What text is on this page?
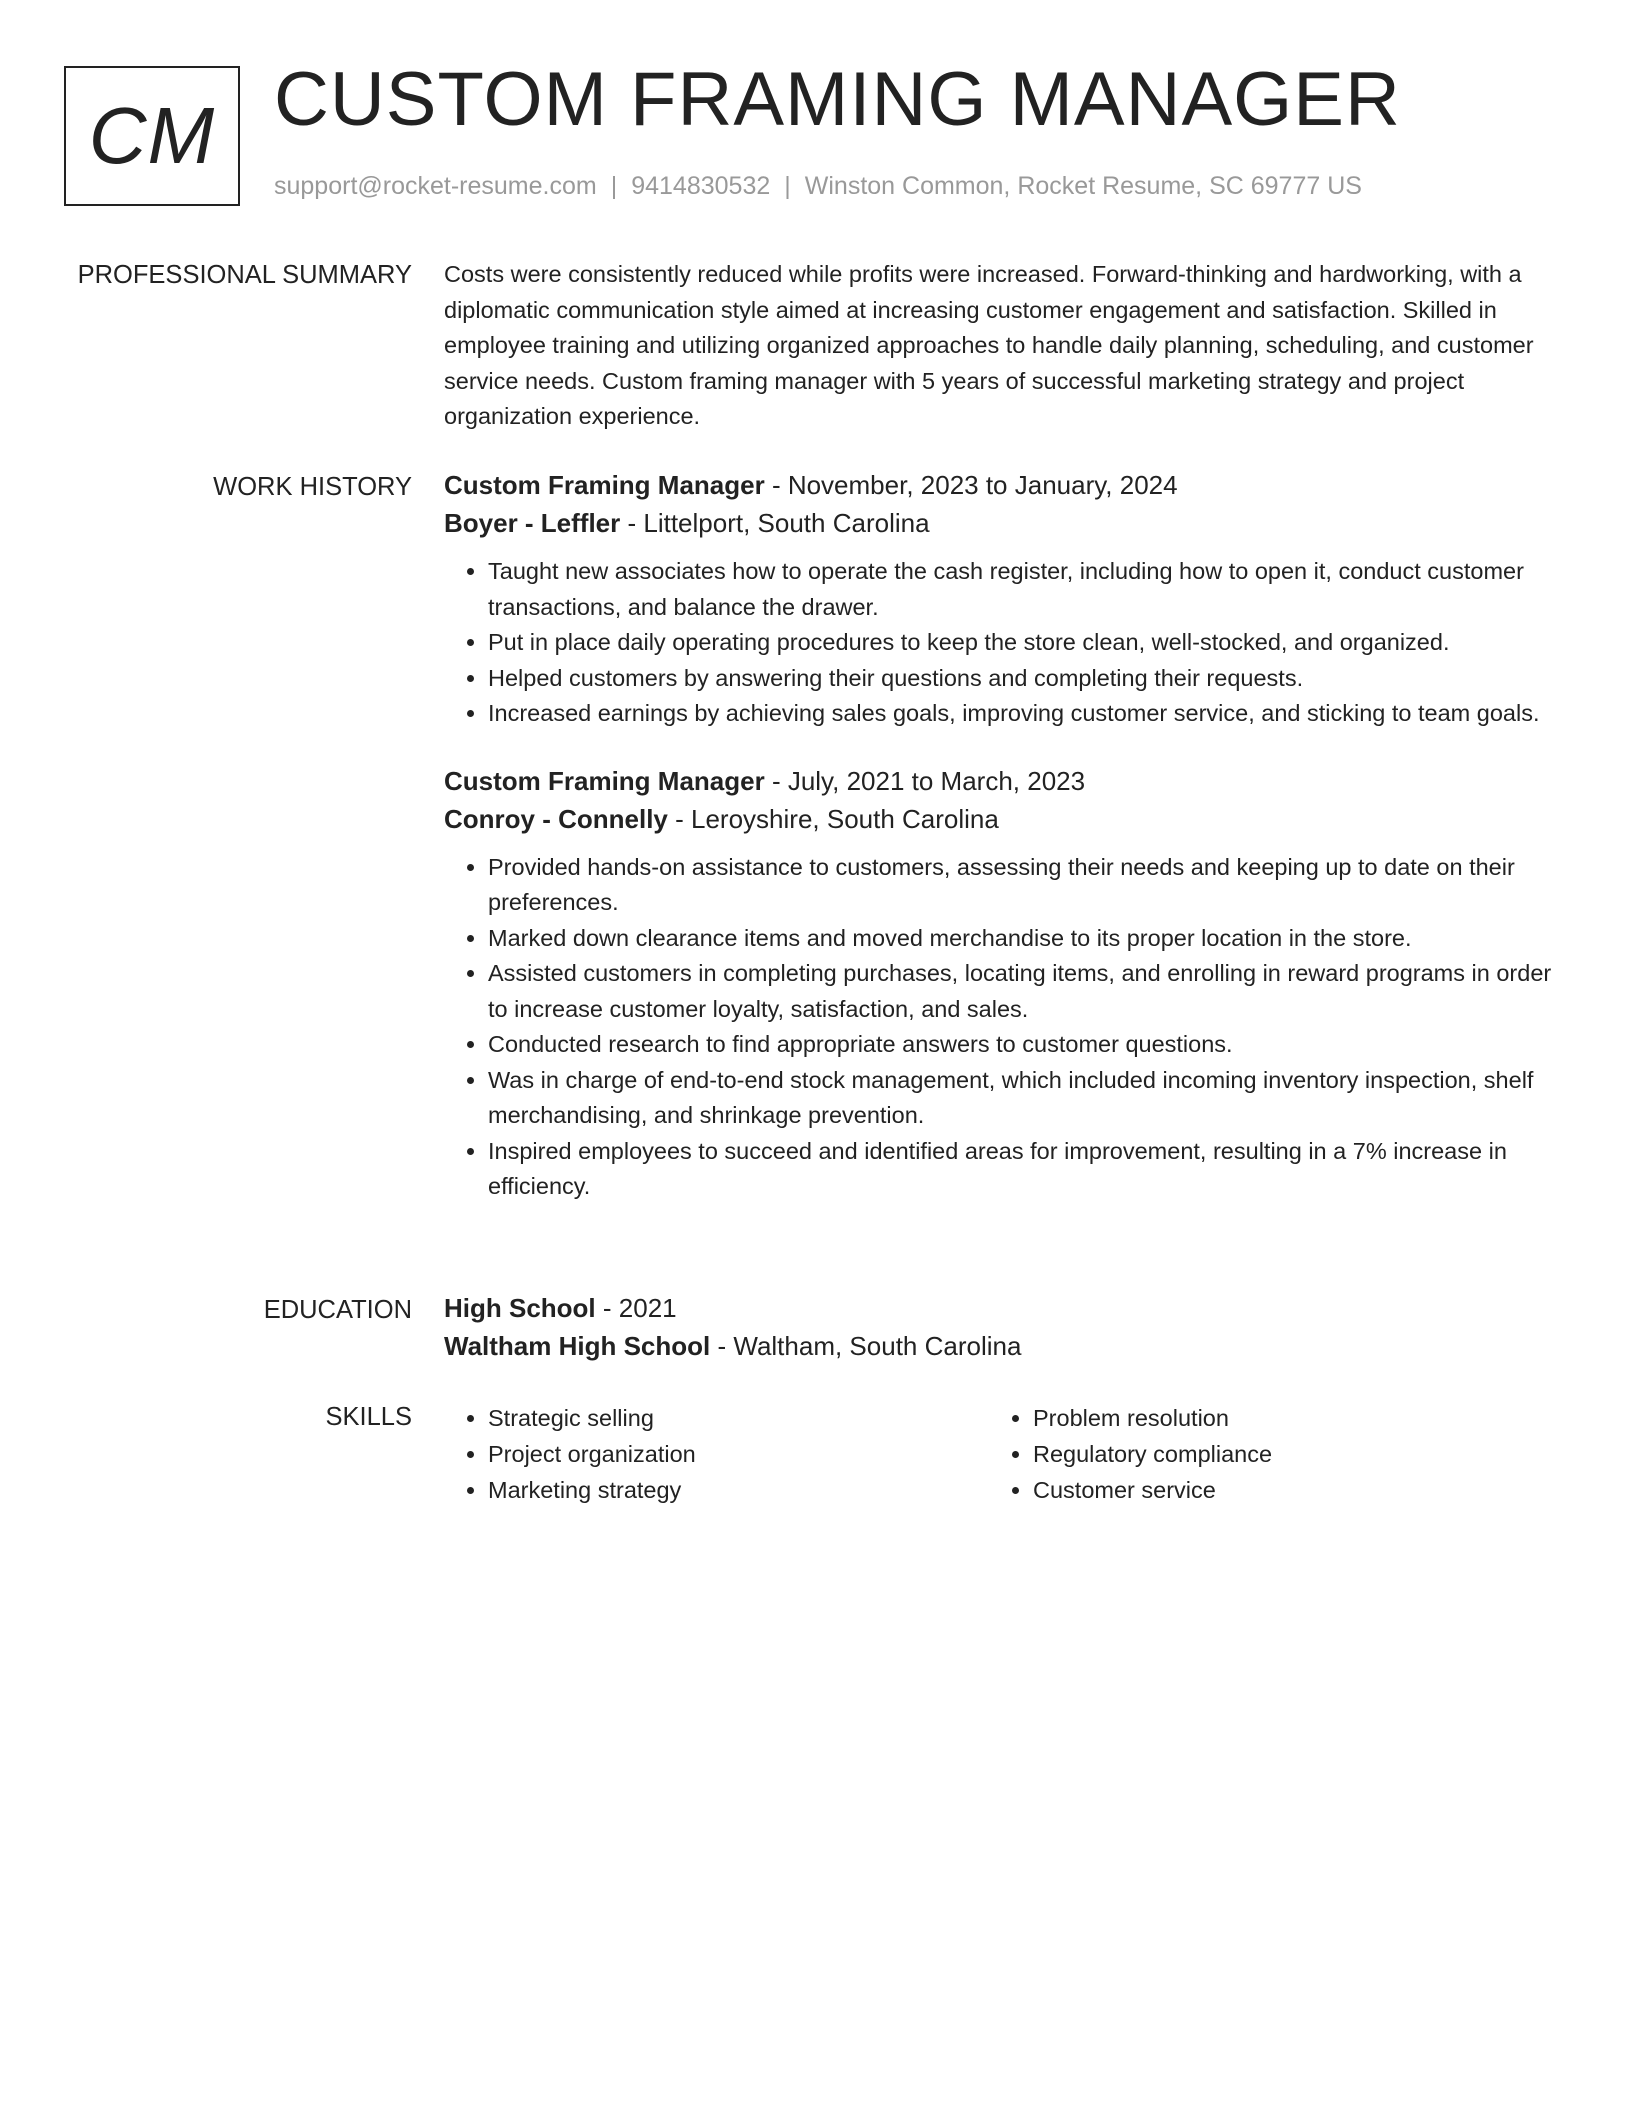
CM CUSTOM FRAMING MANAGER
support@rocket-resume.com | 9414830532 | Winston Common, Rocket Resume, SC 69777 US
PROFESSIONAL SUMMARY Costs were consistently reduced while profits were increased. Forward-thinking and hardworking, with a diplomatic communication style aimed at increasing customer engagement and satisfaction. Skilled in employee training and utilizing organized approaches to handle daily planning, scheduling, and customer service needs. Custom framing manager with 5 years of successful marketing strategy and project organization experience.

WORK HISTORY Custom Framing Manager - November, 2023 to January, 2024
Boyer - Leffler - Littelport, South Carolina
• Taught new associates how to operate the cash register, including how to open it, conduct customer transactions, and balance the drawer.
• Put in place daily operating procedures to keep the store clean, well-stocked, and organized.
• Helped customers by answering their questions and completing their requests.
• Increased earnings by achieving sales goals, improving customer service, and sticking to team goals.
Custom Framing Manager - July, 2021 to March, 2023
Conroy - Connelly - Leroyshire, South Carolina
• Provided hands-on assistance to customers, assessing their needs and keeping up to date on their preferences.
• Marked down clearance items and moved merchandise to its proper location in the store.
• Assisted customers in completing purchases, locating items, and enrolling in reward programs in order to increase customer loyalty, satisfaction, and sales.
• Conducted research to find appropriate answers to customer questions.
• Was in charge of end-to-end stock management, which included incoming inventory inspection, shelf merchandising, and shrinkage prevention.
• Inspired employees to succeed and identified areas for improvement, resulting in a 7% increase in efficiency.
EDUCATION High School - 2021
Waltham High School - Waltham, South Carolina
SKILLS
•	Strategic selling
• Project organization
• Marketing strategy
• Problem resolution
• Regulatory compliance
• Customer service
